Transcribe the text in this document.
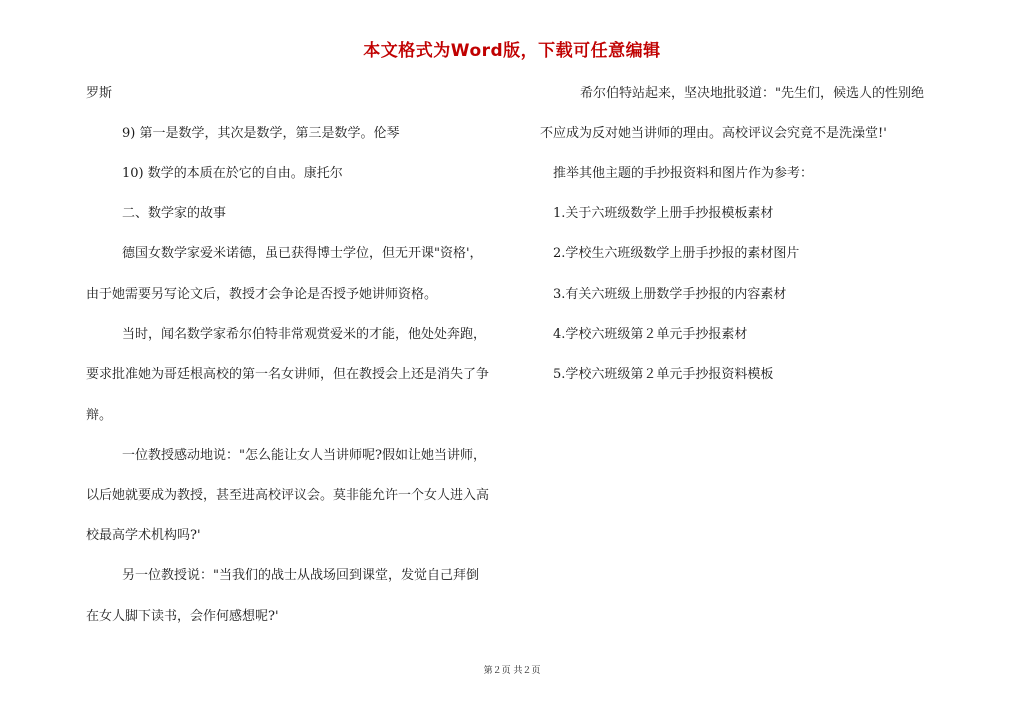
本文格式为Word版，下载可任意编辑
罗斯
9) 第一是数学，其次是数学，第三是数学。伦琴
10) 数学的本质在於它的自由。康托尔
二、数学家的故事
德国女数学家爱米诺德，虽已获得博士学位，但无开课"资格'，
由于她需要另写论文后，教授才会争论是否授予她讲师资格。
当时，闻名数学家希尔伯特非常观赏爱米的才能，他处处奔跑，
要求批准她为哥廷根高校的第一名女讲师，但在教授会上还是消失了争
辩。
一位教授感动地说："怎么能让女人当讲师呢?假如让她当讲师，
以后她就要成为教授，甚至进高校评议会。莫非能允许一个女人进入高
校最高学术机构吗?'
另一位教授说："当我们的战士从战场回到课堂，发觉自己拜倒
在女人脚下读书，会作何感想呢?'
希尔伯特站起来，坚决地批驳道："先生们，候选人的性别绝
不应成为反对她当讲师的理由。高校评议会究竟不是洗澡堂!'
推举其他主题的手抄报资料和图片作为参考：
1.关于六班级数学上册手抄报模板素材
2.学校生六班级数学上册手抄报的素材图片
3.有关六班级上册数学手抄报的内容素材
4.学校六班级第２单元手抄报素材
5.学校六班级第２单元手抄报资料模板
第２页 共２页
